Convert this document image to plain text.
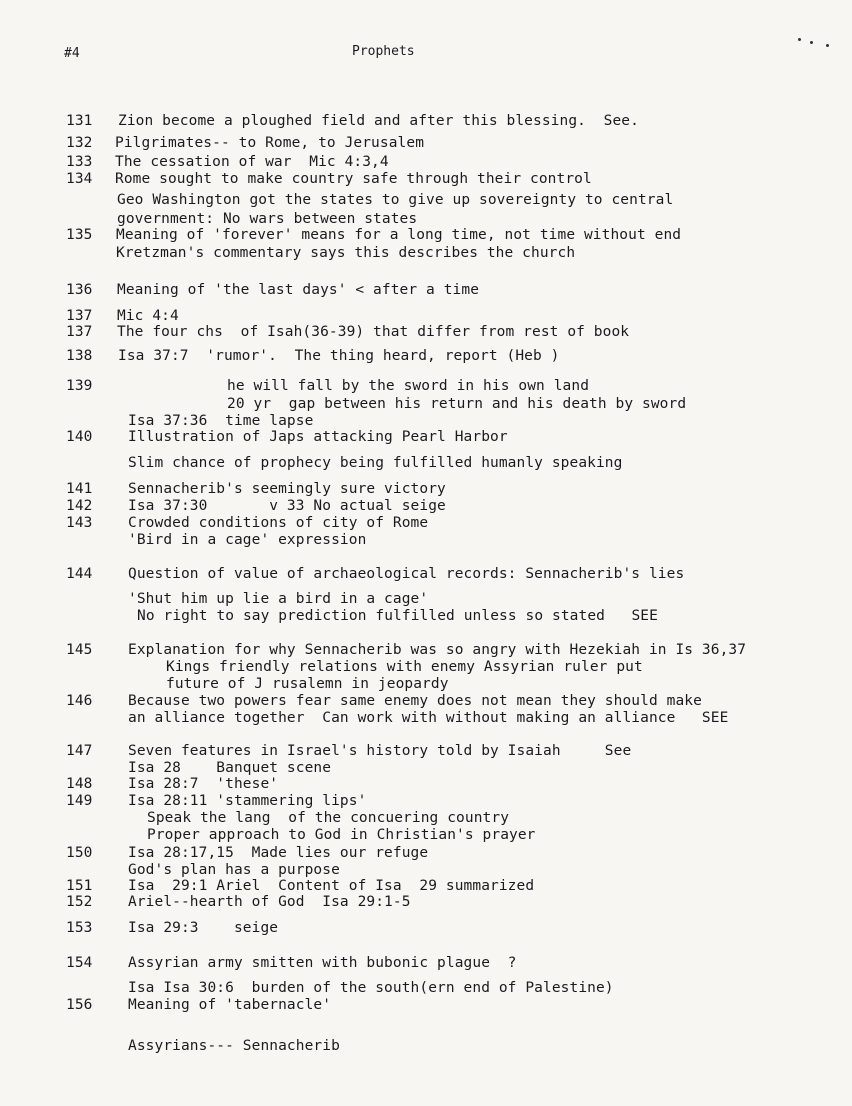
#4	Prophets
131	Zion become a ploughed field and after this blessing.  See.
132	Pilgrimates-- to Rome, to Jerusalem
133	The cessation of war  Mic 4:3,4
134	Rome sought to make country safe through their control
Geo Washington got the states to give up sovereignty to central
government: No wars between states
135	Meaning of 'forever' means for a long time, not time without end
Kretzman's commentary says this describes the church
136	Meaning of 'the last days' < after a time
137	Mic 4:4
137	The four chs  of Isah(36-39) that differ from rest of book
138	Isa 37:7  'rumor'.  The thing heard, report (Heb )
139	he will fall by the sword in his own land
20 yr  gap between his return and his death by sword
Isa 37:36  time lapse
140	Illustration of Japs attacking Pearl Harbor
Slim chance of prophecy being fulfilled humanly speaking
141	Sennacherib's seemingly sure victory
142	Isa 37:30       v 33 No actual seige
143	Crowded conditions of city of Rome
'Bird in a cage' expression
144	Question of value of archaeological records: Sennacherib's lies
'Shut him up lie a bird in a cage'
No right to say prediction fulfilled unless so stated   SEE
145	Explanation for why Sennacherib was so angry with Hezekiah in Is 36,37
Kings friendly relations with enemy Assyrian ruler put
future of J rusalemn in jeopardy
146	Because two powers fear same enemy does not mean they should make
an alliance together  Can work with without making an alliance   SEE
147	Seven features in Israel's history told by Isaiah     See
Isa 28    Banquet scene
148	Isa 28:7  'these'
149	Isa 28:11 'stammering lips'
Speak the lang  of the concuering country
Proper approach to God in Christian's prayer
150	Isa 28:17,15  Made lies our refuge
God's plan has a purpose
151	Isa  29:1 Ariel  Content of Isa  29 summarized
152	Ariel--hearth of God  Isa 29:1-5
153	Isa 29:3    seige
154	Assyrian army smitten with bubonic plague  ?
Isa Isa 30:6  burden of the south(ern end of Palestine)
156	Meaning of 'tabernacle'
Assyrians--- Sennacherib
